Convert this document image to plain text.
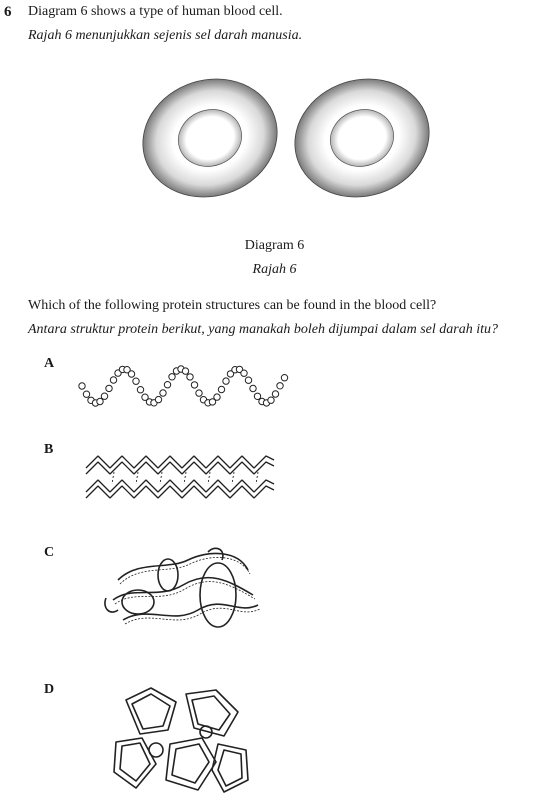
6 Diagram 6 shows a type of human blood cell.
Rajah 6 menunjukkan sejenis sel darah manusia.
Diagram 6
Rajah 6
Which of the following protein structures can be found in the blood cell?
Antara struktur protein berikut, yang manakah boleh dijumpai dalam sel darah itu?
A
B
C
D
